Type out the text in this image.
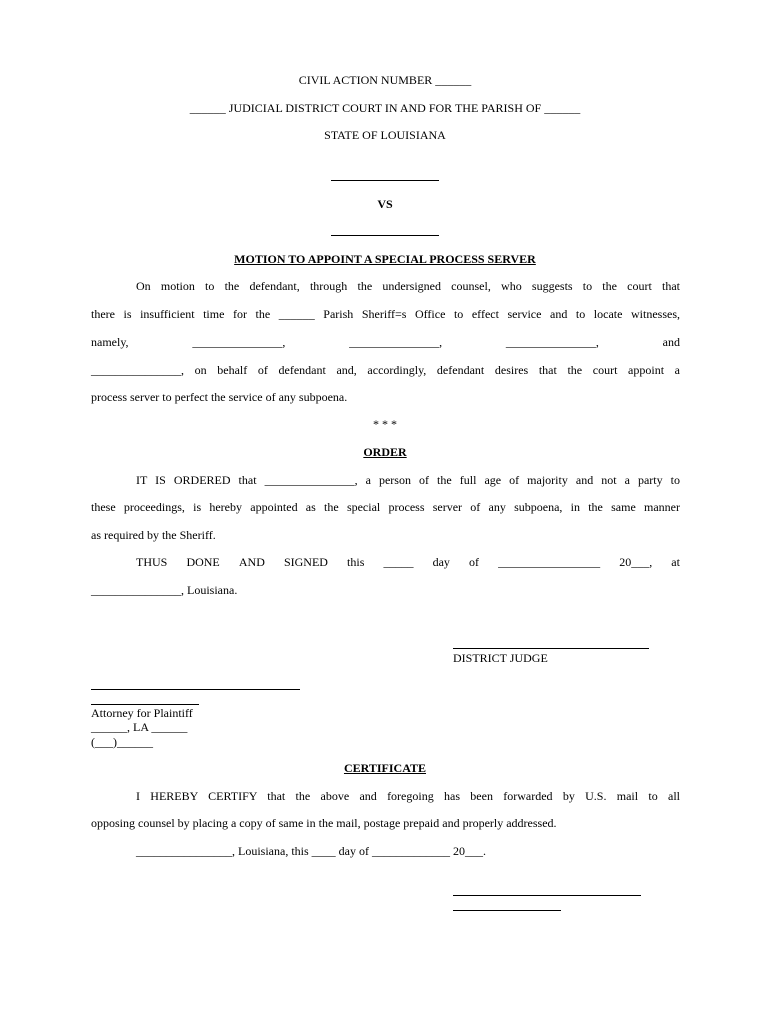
CIVIL ACTION NUMBER ______
______ JUDICIAL DISTRICT COURT IN AND FOR THE PARISH OF ______
STATE OF LOUISIANA
VS
MOTION TO APPOINT A SPECIAL PROCESS SERVER
On motion to the defendant, through the undersigned counsel, who suggests to the court that
there is insufficient time for the ______ Parish Sheriff=s Office to effect service and to locate witnesses,
namely,	_______________,	_______________,	_______________,	and
_______________, on behalf of defendant and, accordingly, defendant desires that the court appoint a
process server to perfect the service of any subpoena.
* * *
ORDER
IT IS ORDERED that _______________, a person of the full age of majority and not a party to
these proceedings, is hereby appointed as the special process server of any subpoena, in the same manner
as required by the Sheriff.
THUS DONE AND SIGNED this _____ day of _________________ 20___, at
_______________, Louisiana.
DISTRICT JUDGE
Attorney for Plaintiff
______, LA ______
(___)______
CERTIFICATE
I HEREBY CERTIFY that the above and foregoing has been forwarded by U.S. mail to all
opposing counsel by placing a copy of same in the mail, postage prepaid and properly addressed.
________________, Louisiana, this ____ day of _____________ 20___.
